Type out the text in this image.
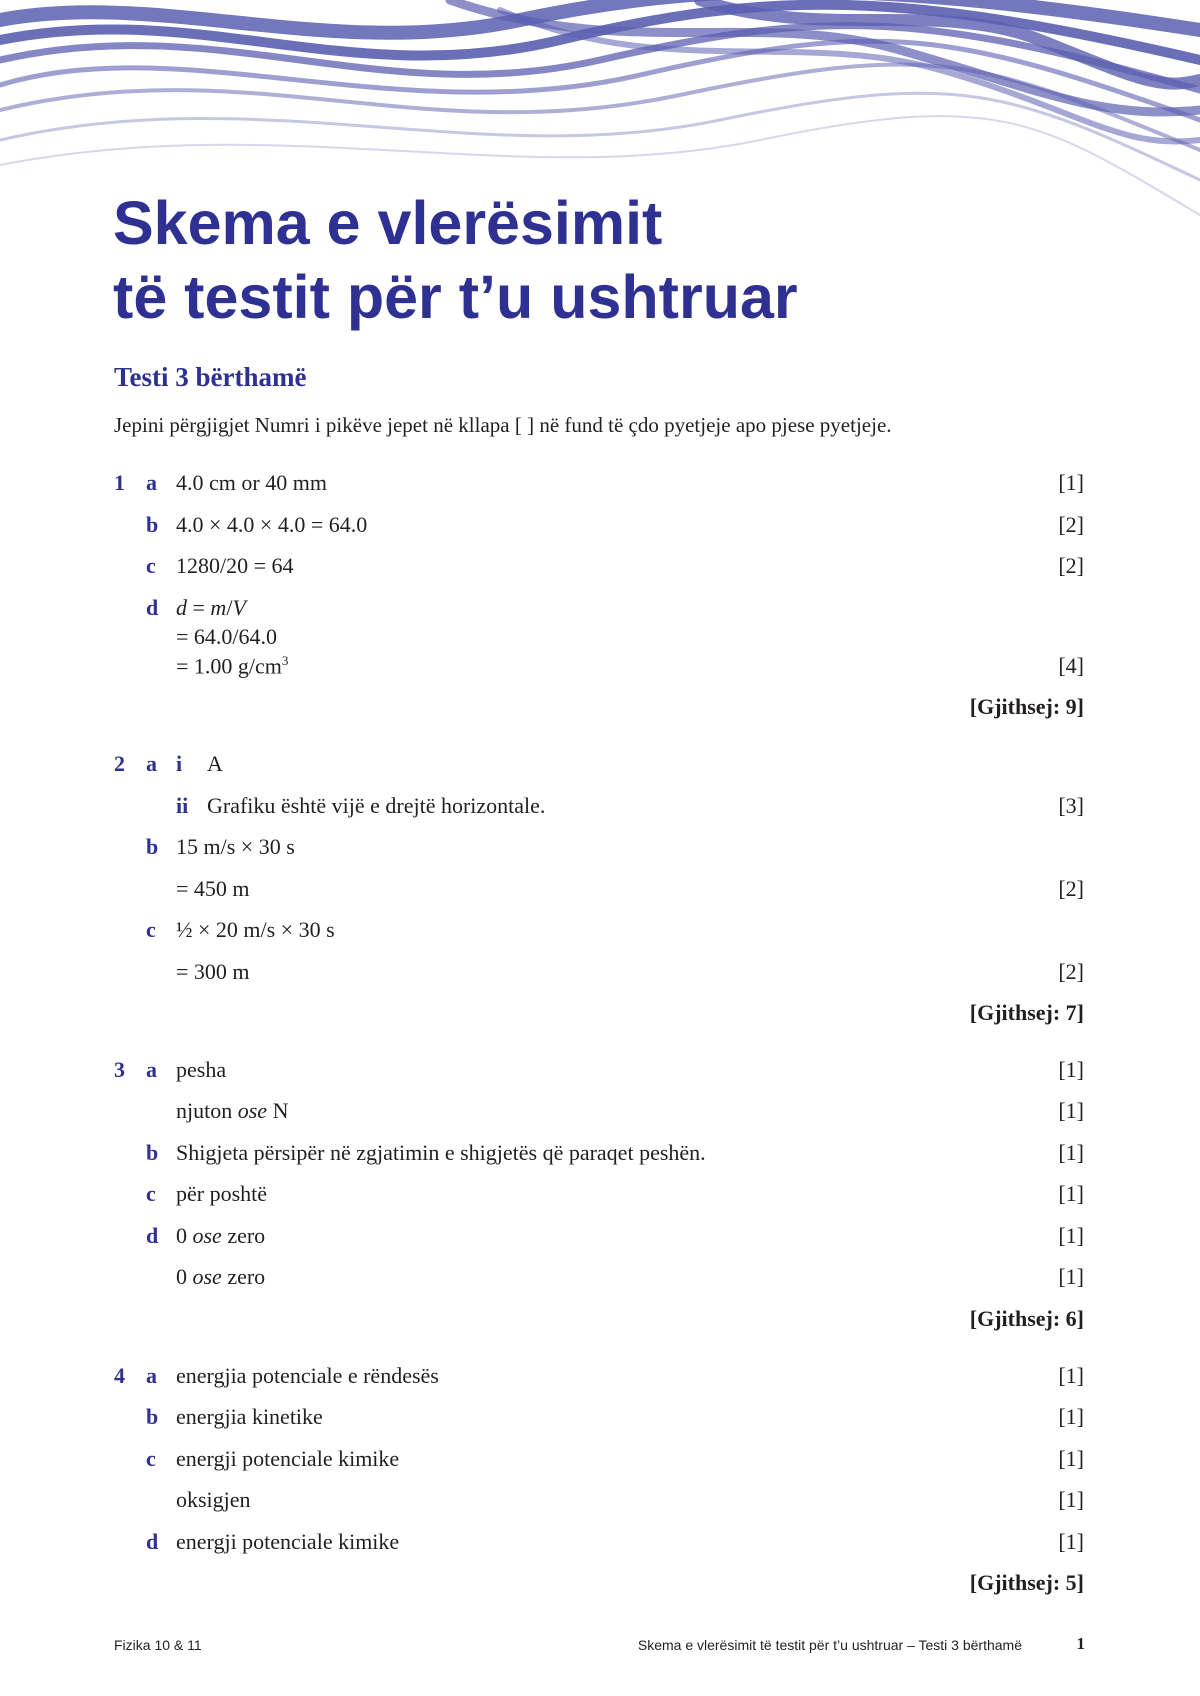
Skema e vlerësimit
të testit për t’u ushtruar
Testi 3 bërthamë

Jepini përgjigjet Numri i pikëve jepet në kllapa [ ] në fund të çdo pyetjeje apo pjese pyetjeje.

1 a 4.0 cm or 40 mm	[1]
b 4.0 × 4.0 × 4.0 = 64.0	[2]
c 1280/20 = 64	[2]
d d = m/V
= 64.0/64.0
= 1.00 $g/cm^3$	[4]
[Gjithsej: 9]
2 a i A
ii Grafiku është vijë e drejtë horizontale.	[3]
b 15 m/s × 30 s
= 450 m	[2]
c ½ × 20 m/s × 30 s
= 300 m	[2]
[Gjithsej: 7]
3 a pesha	[1]
njuton ose N	[1]
b Shigjeta përsipër në zgjatimin e shigjetës që paraqet peshën.	[1]
c për poshtë	[1]
d 0 ose zero	[1]
0 ose zero	[1]
[Gjithsej: 6]
4 a energjia potenciale e rëndesës	[1]
b energjia kinetike	[1]
c energji potenciale kimike	[1]
oksigjen	[1]
d energji potenciale kimike	[1]
[Gjithsej: 5]
Fizika 10 & 11	Skema e vlerësimit të testit për t’u ushtruar – Testi 3 bërthamë	1
